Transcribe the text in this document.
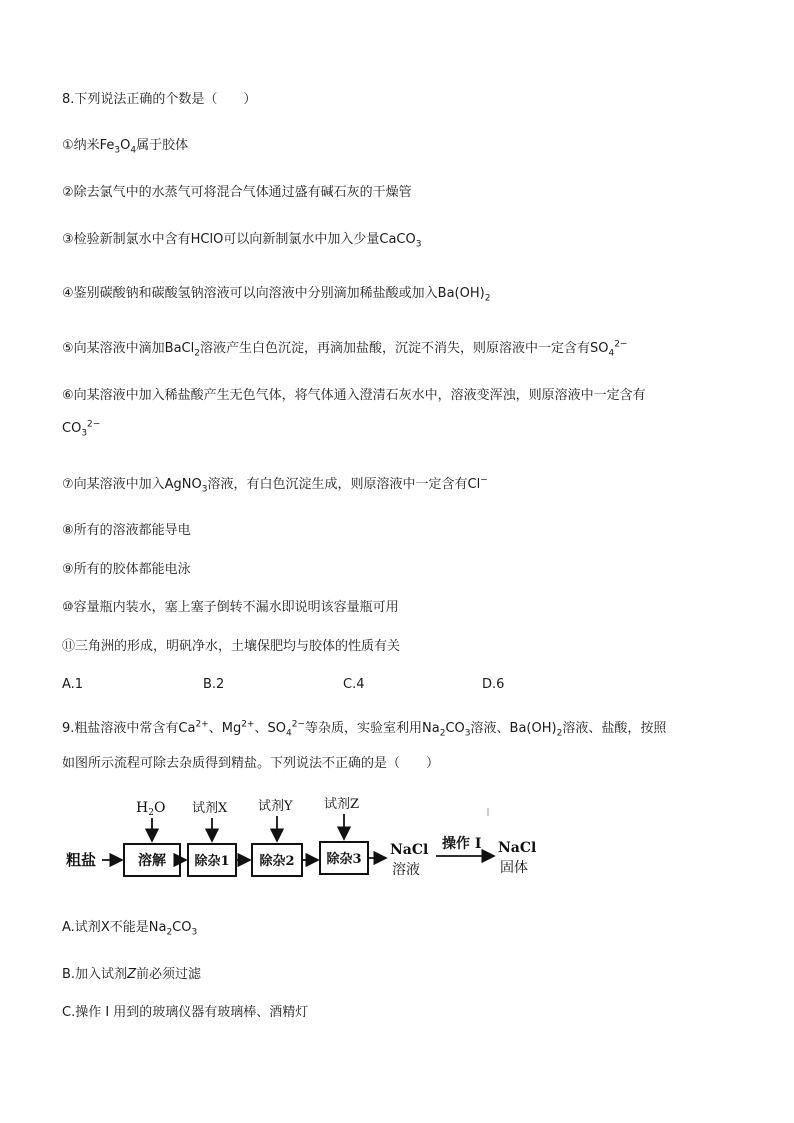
8.下列说法正确的个数是（　　）
①纳米$Fe_3O_4$属于胶体
②除去氯气中的水蒸气可将混合气体通过盛有碱石灰的干燥管
③检验新制氯水中含有HClO可以向新制氯水中加入少量CaCO$_3$
④鉴别碳酸钠和碳酸氢钠溶液可以向溶液中分别滴加稀盐酸或加入$Ba(OH)_2$
⑤向某溶液中滴加BaCl$_2$溶液产生白色沉淀，再滴加盐酸，沉淀不消失，则原溶液中一定含有$SO_4^{2-}$
⑥向某溶液中加入稀盐酸产生无色气体，将气体通入澄清石灰水中，溶液变浑浊，则原溶液中一定含有
$CO_3^{2-}$
⑦向某溶液中加入AgNO$_3$溶液，有白色沉淀生成，则原溶液中一定含有Cl−
⑧所有的溶液都能导电
⑨所有的胶体都能电泳
⑩容量瓶内装水，塞上塞子倒转不漏水即说明该容量瓶可用
⑪三角洲的形成，明矾净水，土壤保肥均与胶体的性质有关
A.1	B.2	C.4	D.6
9.粗盐溶液中常含有$Ca^{2+}$、$Mg^{2+}$、$SO_4^{2-}$等杂质，实验室利用$Na_2CO_3$溶液、$Ba(OH)_2$溶液、盐酸，按照
如图所示流程可除去杂质得到精盐。下列说法不正确的是（　　）
粗盐	溶解 除杂1 除杂2 除杂3
$H_2O$ 试剂X 试剂Y 试剂Z
NaCl
溶液
操作 I NaCl
固体
A.试剂X不能是$Na_2CO_3$
B.加入试剂Z前必须过滤
C.操作 I 用到的玻璃仪器有玻璃棒、酒精灯
